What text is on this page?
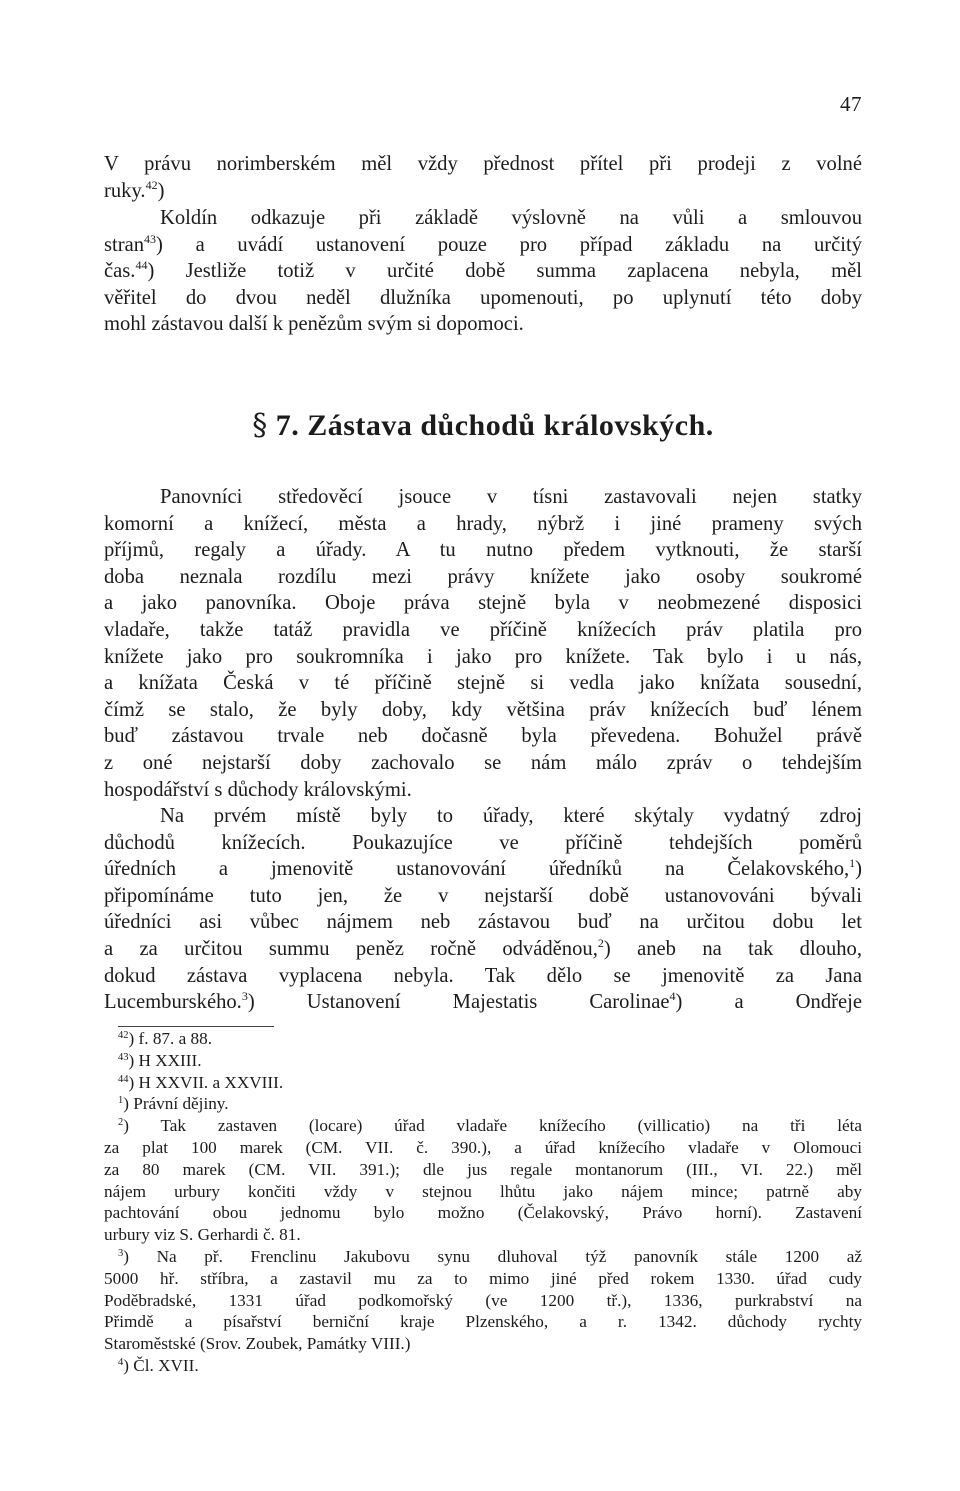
47
V právu norimberském měl vždy přednost přítel při prodeji z volné
ruky.$^{42}$)
Koldín odkazuje při základě výslovně na vůli a smlouvou
stran$^{43}$) a uvádí ustanovení pouze pro případ základu na určitý
čas.$^{44}$) Jestliže totiž v určité době summa zaplacena nebyla, měl
věřitel do dvou neděl dlužníka upomenouti, po uplynutí této doby
mohl zástavou další k penězům svým si dopomoci.
§ 7. Zástava důchodů královských.
Panovníci středověcí jsouce v tísni zastavovali nejen statky
komorní a knížecí, města a hrady, nýbrž i jiné prameny svých
příjmů, regaly a úřady. A tu nutno předem vytknouti, že starší
doba neznala rozdílu mezi právy knížete jako osoby soukromé
a jako panovníka. Oboje práva stejně byla v neobmezené disposici
vladaře, takže tatáž pravidla ve příčině knížecích práv platila pro
knížete jako pro soukromníka i jako pro knížete. Tak bylo i u nás,
a knížata Česká v té příčině stejně si vedla jako knížata sousední,
čímž se stalo, že byly doby, kdy většina práv knížecích buď lénem
buď zástavou trvale neb dočasně byla převedena. Bohužel právě
z oné nejstarší doby zachovalo se nám málo zpráv o tehdejším
hospodářství s důchody královskými.
Na prvém místě byly to úřady, které skýtaly vydatný zdroj
důchodů knížecích. Poukazujíce ve příčině tehdejších poměrů
úředních a jmenovitě ustanovování úředníků na Čelakovského,$^1$)
připomínáme tuto jen, že v nejstarší době ustanovováni bývali
úředníci asi vůbec nájmem neb zástavou buď na určitou dobu let
a za určitou summu peněz ročně odváděnou,$^2$) aneb na tak dlouho,
dokud zástava vyplacena nebyla. Tak dělo se jmenovitě za Jana
Lucemburského.$^3$) Ustanovení Majestatis Carolinae$^4$) a Ondřeje
$^{42}$) f. 87. a 88.
$^{43}$) H XXIII.
$^{44}$) H XXVII. a XXVIII.
$^1$) Právní dějiny.
$^2$) Tak zastaven (locare) úřad vladaře knížecího (villicatio) na tři léta
za plat 100 marek (CM. VII. č. 390.), a úřad knížecího vladaře v Olomouci
za 80 marek (CM. VII. 391.); dle jus regale montanorum (III., VI. 22.) měl
nájem urbury končiti vždy v stejnou lhůtu jako nájem mince; patrně aby
pachtování obou jednomu bylo možno (Čelakovský, Právo horní). Zastavení
urbury viz S. Gerhardi č. 81.
$^3$) Na př. Frenclinu Jakubovu synu dluhoval týž panovník stále 1200 až
5000 hř. stříbra, a zastavil mu za to mimo jiné před rokem 1330. úřad cudy
Poděbradské, 1331 úřad podkomořský (ve 1200 tř.), 1336, purkrabství na
Přimdě a písařství berniční kraje Plzenského, a r. 1342. důchody rychty
Staroměstské (Srov. Zoubek, Památky VIII.)
$^4$) Čl. XVII.
